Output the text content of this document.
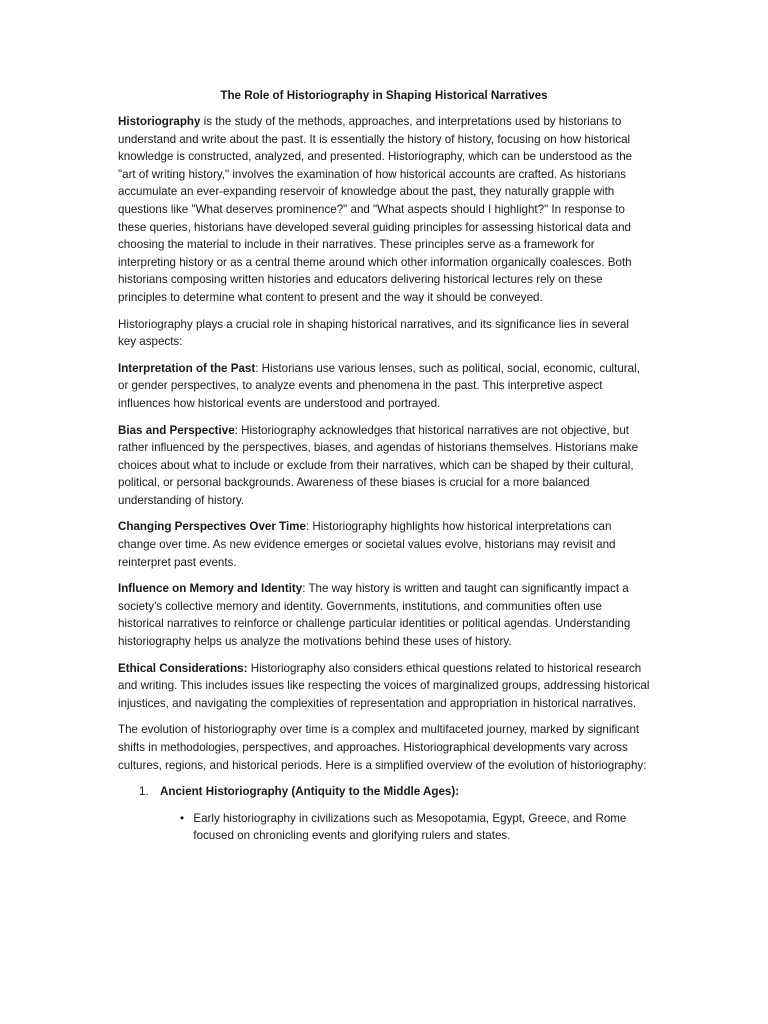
The Role of Historiography in Shaping Historical Narratives

Historiography is the study of the methods, approaches, and interpretations used by historians to understand and write about the past. It is essentially the history of history, focusing on how historical knowledge is constructed, analyzed, and presented. Historiography, which can be understood as the "art of writing history," involves the examination of how historical accounts are crafted. As historians accumulate an ever-expanding reservoir of knowledge about the past, they naturally grapple with questions like "What deserves prominence?" and "What aspects should I highlight?" In response to these queries, historians have developed several guiding principles for assessing historical data and choosing the material to include in their narratives. These principles serve as a framework for interpreting history or as a central theme around which other information organically coalesces. Both historians composing written histories and educators delivering historical lectures rely on these principles to determine what content to present and the way it should be conveyed.

Historiography plays a crucial role in shaping historical narratives, and its significance lies in several key aspects:

Interpretation of the Past: Historians use various lenses, such as political, social, economic, cultural, or gender perspectives, to analyze events and phenomena in the past. This interpretive aspect influences how historical events are understood and portrayed.

Bias and Perspective: Historiography acknowledges that historical narratives are not objective, but rather influenced by the perspectives, biases, and agendas of historians themselves. Historians make choices about what to include or exclude from their narratives, which can be shaped by their cultural, political, or personal backgrounds. Awareness of these biases is crucial for a more balanced understanding of history.

Changing Perspectives Over Time: Historiography highlights how historical interpretations can change over time. As new evidence emerges or societal values evolve, historians may revisit and reinterpret past events.

Influence on Memory and Identity: The way history is written and taught can significantly impact a society's collective memory and identity. Governments, institutions, and communities often use historical narratives to reinforce or challenge particular identities or political agendas. Understanding historiography helps us analyze the motivations behind these uses of history.

Ethical Considerations: Historiography also considers ethical questions related to historical research and writing. This includes issues like respecting the voices of marginalized groups, addressing historical injustices, and navigating the complexities of representation and appropriation in historical narratives.

The evolution of historiography over time is a complex and multifaceted journey, marked by significant shifts in methodologies, perspectives, and approaches. Historiographical developments vary across cultures, regions, and historical periods. Here is a simplified overview of the evolution of historiography:

1. Ancient Historiography (Antiquity to the Middle Ages):
•
Early historiography in civilizations such as Mesopotamia, Egypt, Greece, and Rome focused on chronicling events and glorifying rulers and states.
